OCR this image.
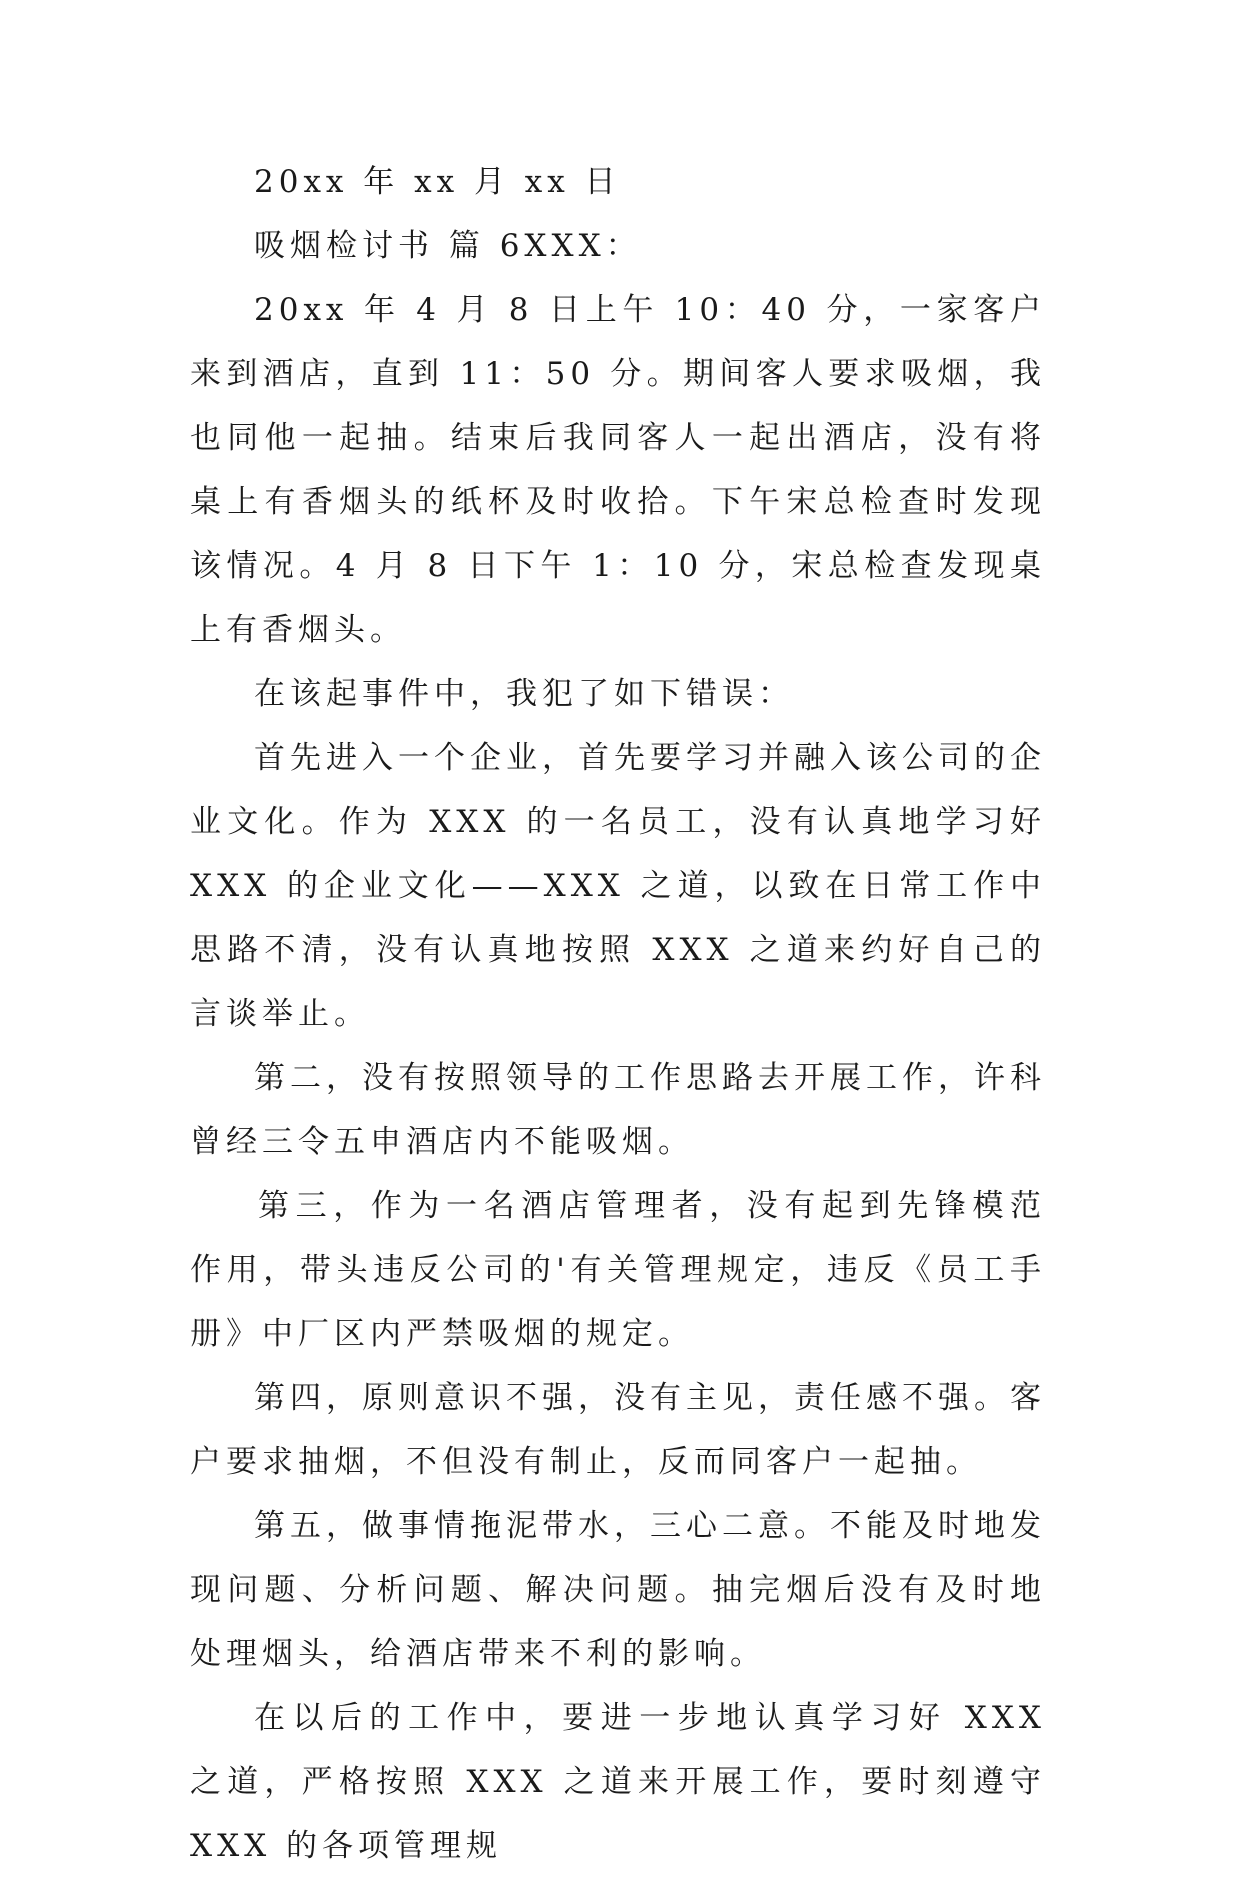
20xx 年 xx 月 xx 日

吸烟检讨书 篇 6XXX：

20xx 年 4 月 8 日上午 10：40 分，一家客户来到酒店，直到 11：50 分。期间客人要求吸烟，我也同他一起抽。结束后我同客人一起出酒店，没有将桌上有香烟头的纸杯及时收拾。下午宋总检查时发现该情况。4 月 8 日下午 1：10 分，宋总检查发现桌上有香烟头。

在该起事件中，我犯了如下错误：

首先进入一个企业，首先要学习并融入该公司的企业文化。作为 XXX 的一名员工，没有认真地学习好 XXX 的企业文化——XXX 之道，以致在日常工作中思路不清，没有认真地按照 XXX 之道来约好自己的言谈举止。

第二，没有按照领导的工作思路去开展工作，许科曾经三令五申酒店内不能吸烟。

第三，作为一名酒店管理者，没有起到先锋模范作用，带头违反公司的'有关管理规定，违反《员工手册》中厂区内严禁吸烟的规定。

第四，原则意识不强，没有主见，责任感不强。客户要求抽烟，不但没有制止，反而同客户一起抽。

第五，做事情拖泥带水，三心二意。不能及时地发现问题、分析问题、解决问题。抽完烟后没有及时地处理烟头，给酒店带来不利的影响。

在以后的工作中，要进一步地认真学习好 XXX 之道，严格按照 XXX 之道来开展工作，要时刻遵守 XXX 的各项管理规
